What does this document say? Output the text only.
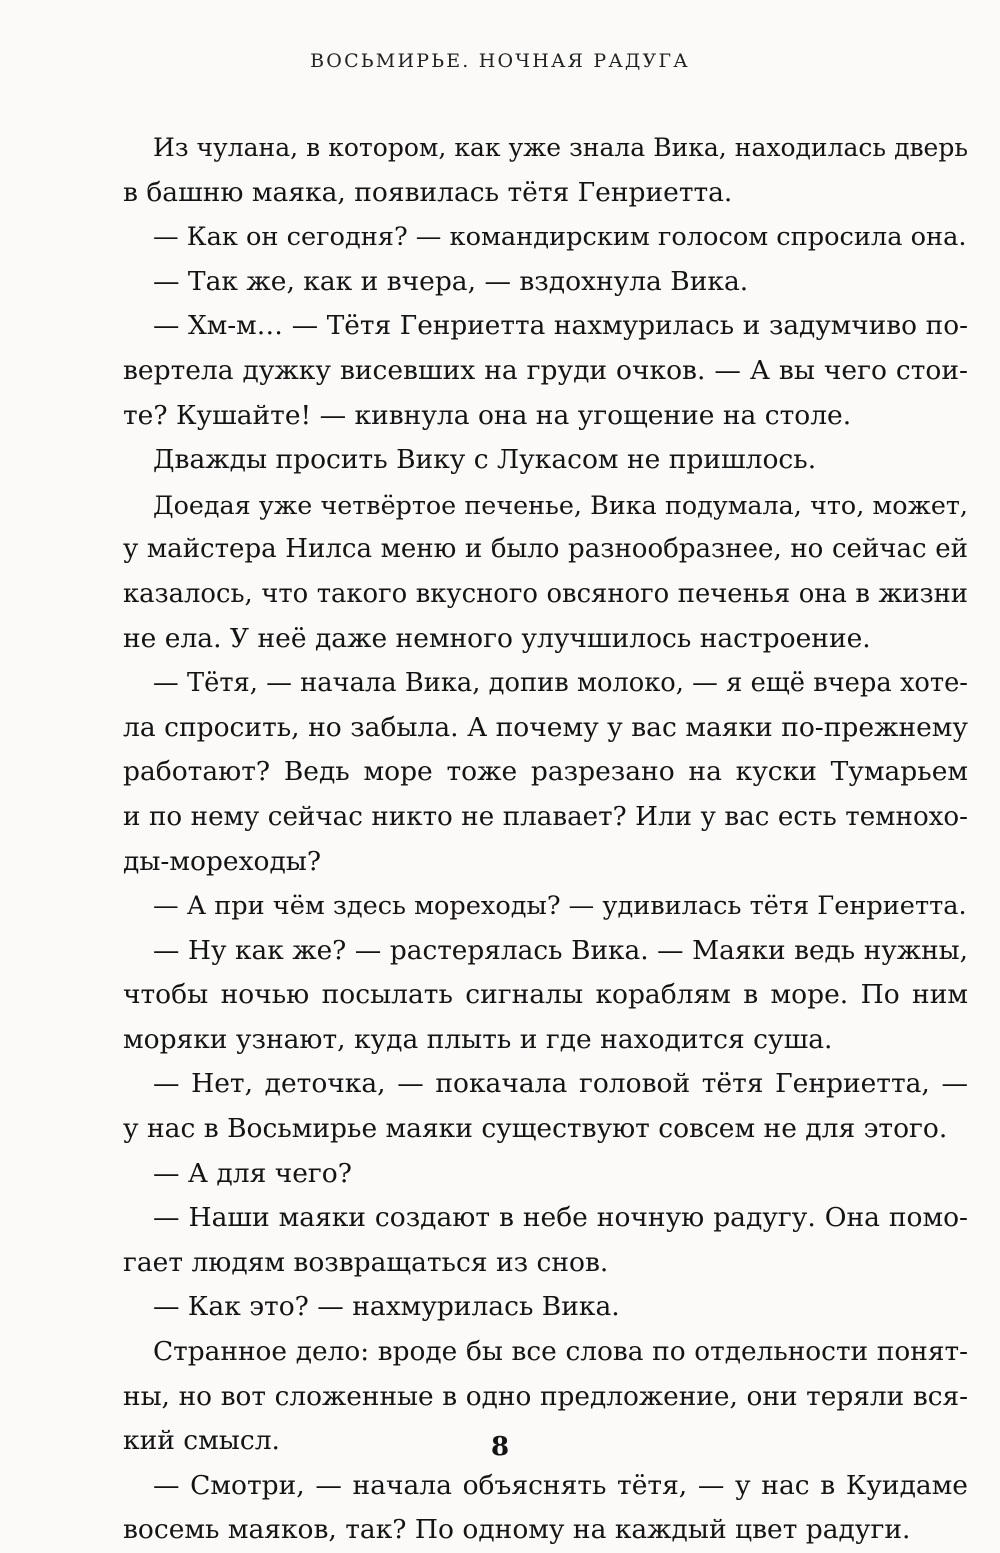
ВОСЬМИРЬЕ. НОЧНАЯ РАДУГА
Из чулана, в котором, как уже знала Вика, находилась дверь
в башню маяка, появилась тётя Генриетта.
— Как он сегодня? — командирским голосом спросила она.
— Так же, как и вчера, — вздохнула Вика.
— Хм-м… — Тётя Генриетта нахмурилась и задумчиво по-
вертела дужку висевших на груди очков. — А вы чего стои-
те? Кушайте! — кивнула она на угощение на столе.
Дважды просить Вику с Лукасом не пришлось.
Доедая уже четвёртое печенье, Вика подумала, что, может,
у майстера Нилса меню и было разнообразнее, но сейчас ей
казалось, что такого вкусного овсяного печенья она в жизни
не ела. У неё даже немного улучшилось настроение.
— Тётя, — начала Вика, допив молоко, — я ещё вчера хоте-
ла спросить, но забыла. А почему у вас маяки по-прежнему
работают? Ведь море тоже разрезано на куски Тумарьем
и по нему сейчас никто не плавает? Или у вас есть темнохо-
ды-мореходы?
— А при чём здесь мореходы? — удивилась тётя Генриетта.
— Ну как же? — растерялась Вика. — Маяки ведь нужны,
чтобы ночью посылать сигналы кораблям в море. По ним
моряки узнают, куда плыть и где находится суша.
— Нет, деточка, — покачала головой тётя Генриетта, —
у нас в Восьмирье маяки существуют совсем не для этого.
— А для чего?
— Наши маяки создают в небе ночную радугу. Она помо-
гает людям возвращаться из снов.
— Как это? — нахмурилась Вика.
Странное дело: вроде бы все слова по отдельности понят-
ны, но вот сложенные в одно предложение, они теряли вся-
кий смысл.
— Смотри, — начала объяснять тётя, — у нас в Куидаме
восемь маяков, так? По одному на каждый цвет радуги.
8
